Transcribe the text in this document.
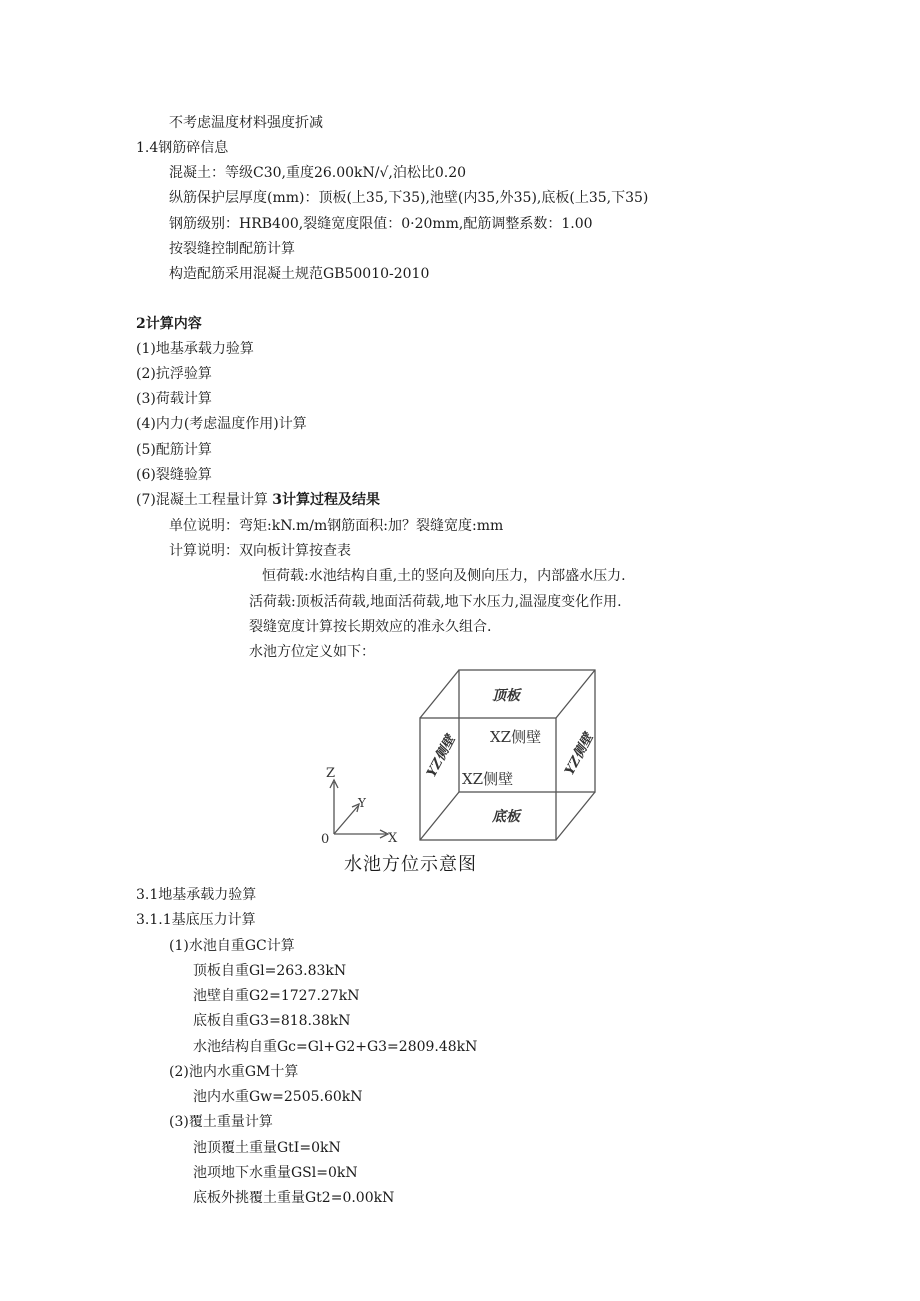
不考虑温度材料强度折减
1.4钢筋碎信息
混凝土：等级C30,重度26.00kN/√,泊松比0.20
纵筋保护层厚度(mm)：顶板(上35,下35),池壁(内35,外35),底板(上35,下35)
钢筋级别：HRB400,裂缝宽度限值：0·20mm,配筋调整系数：1.00
按裂缝控制配筋计算
构造配筋采用混凝土规范GB50010-2010
2计算内容
(1)地基承载力验算
(2)抗浮验算
(3)荷载计算
(4)内力(考虑温度作用)计算
(5)配筋计算
(6)裂缝验算
(7)混凝土工程量计算 3计算过程及结果
单位说明：弯矩:kN.m/m钢筋面积:加？裂缝宽度:mm
计算说明：双向板计算按查表
恒荷载:水池结构自重,土的竖向及侧向压力，内部盛水压力.
活荷载:顶板活荷载,地面活荷载,地下水压力,温湿度变化作用.
裂缝宽度计算按长期效应的准永久组合.
水池方位定义如下：
Z
Y
X
0
顶板
XZ侧壁
XZ侧壁
底板
YZ侧壁	YZ侧壁
水池方位示意图
3.1地基承载力验算
3.1.1基底压力计算
(1)水池自重GC计算
顶板自重Gl=263.83kN
池壁自重G2=1727.27kN
底板自重G3=818.38kN
水池结构自重Gc=Gl+G2+G3=2809.48kN
(2)池内水重GM十算
池内水重Gw=2505.60kN
(3)覆土重量计算
池顶覆土重量GtI=0kN
池项地下水重量GSl=0kN
底板外挑覆土重量Gt2=0.00kN
